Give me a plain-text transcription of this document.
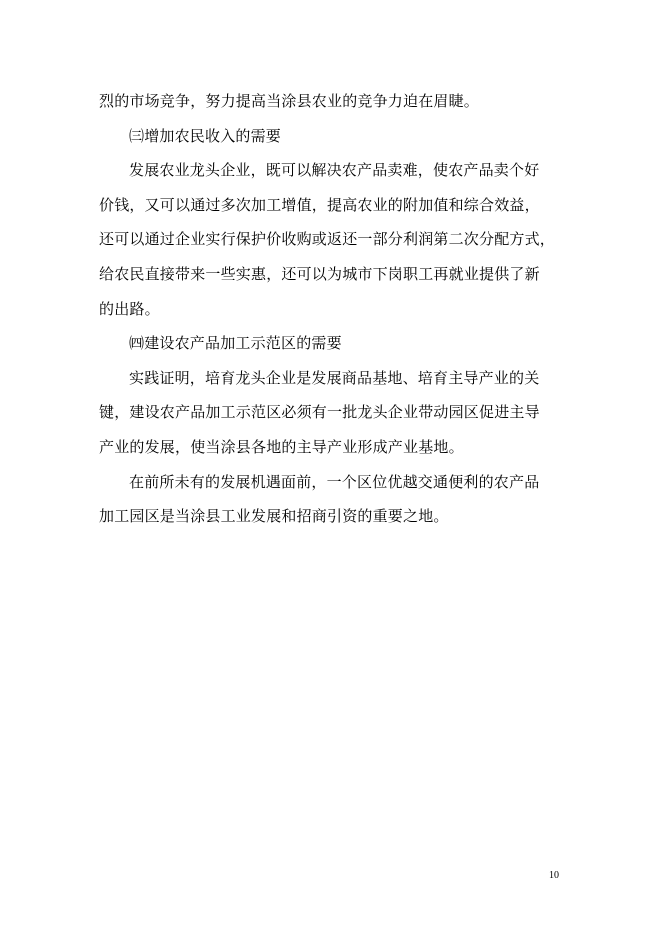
烈的市场竞争，努力提高当涂县农业的竞争力迫在眉睫。
㈢增加农民收入的需要
发展农业龙头企业，既可以解决农产品卖难，使农产品卖个好
价钱，又可以通过多次加工增值，提高农业的附加值和综合效益，
还可以通过企业实行保护价收购或返还一部分利润第二次分配方式，
给农民直接带来一些实惠，还可以为城市下岗职工再就业提供了新
的出路。
㈣建设农产品加工示范区的需要
实践证明，培育龙头企业是发展商品基地、培育主导产业的关
键，建设农产品加工示范区必须有一批龙头企业带动园区促进主导
产业的发展，使当涂县各地的主导产业形成产业基地。
在前所未有的发展机遇面前，一个区位优越交通便利的农产品
加工园区是当涂县工业发展和招商引资的重要之地。
10
